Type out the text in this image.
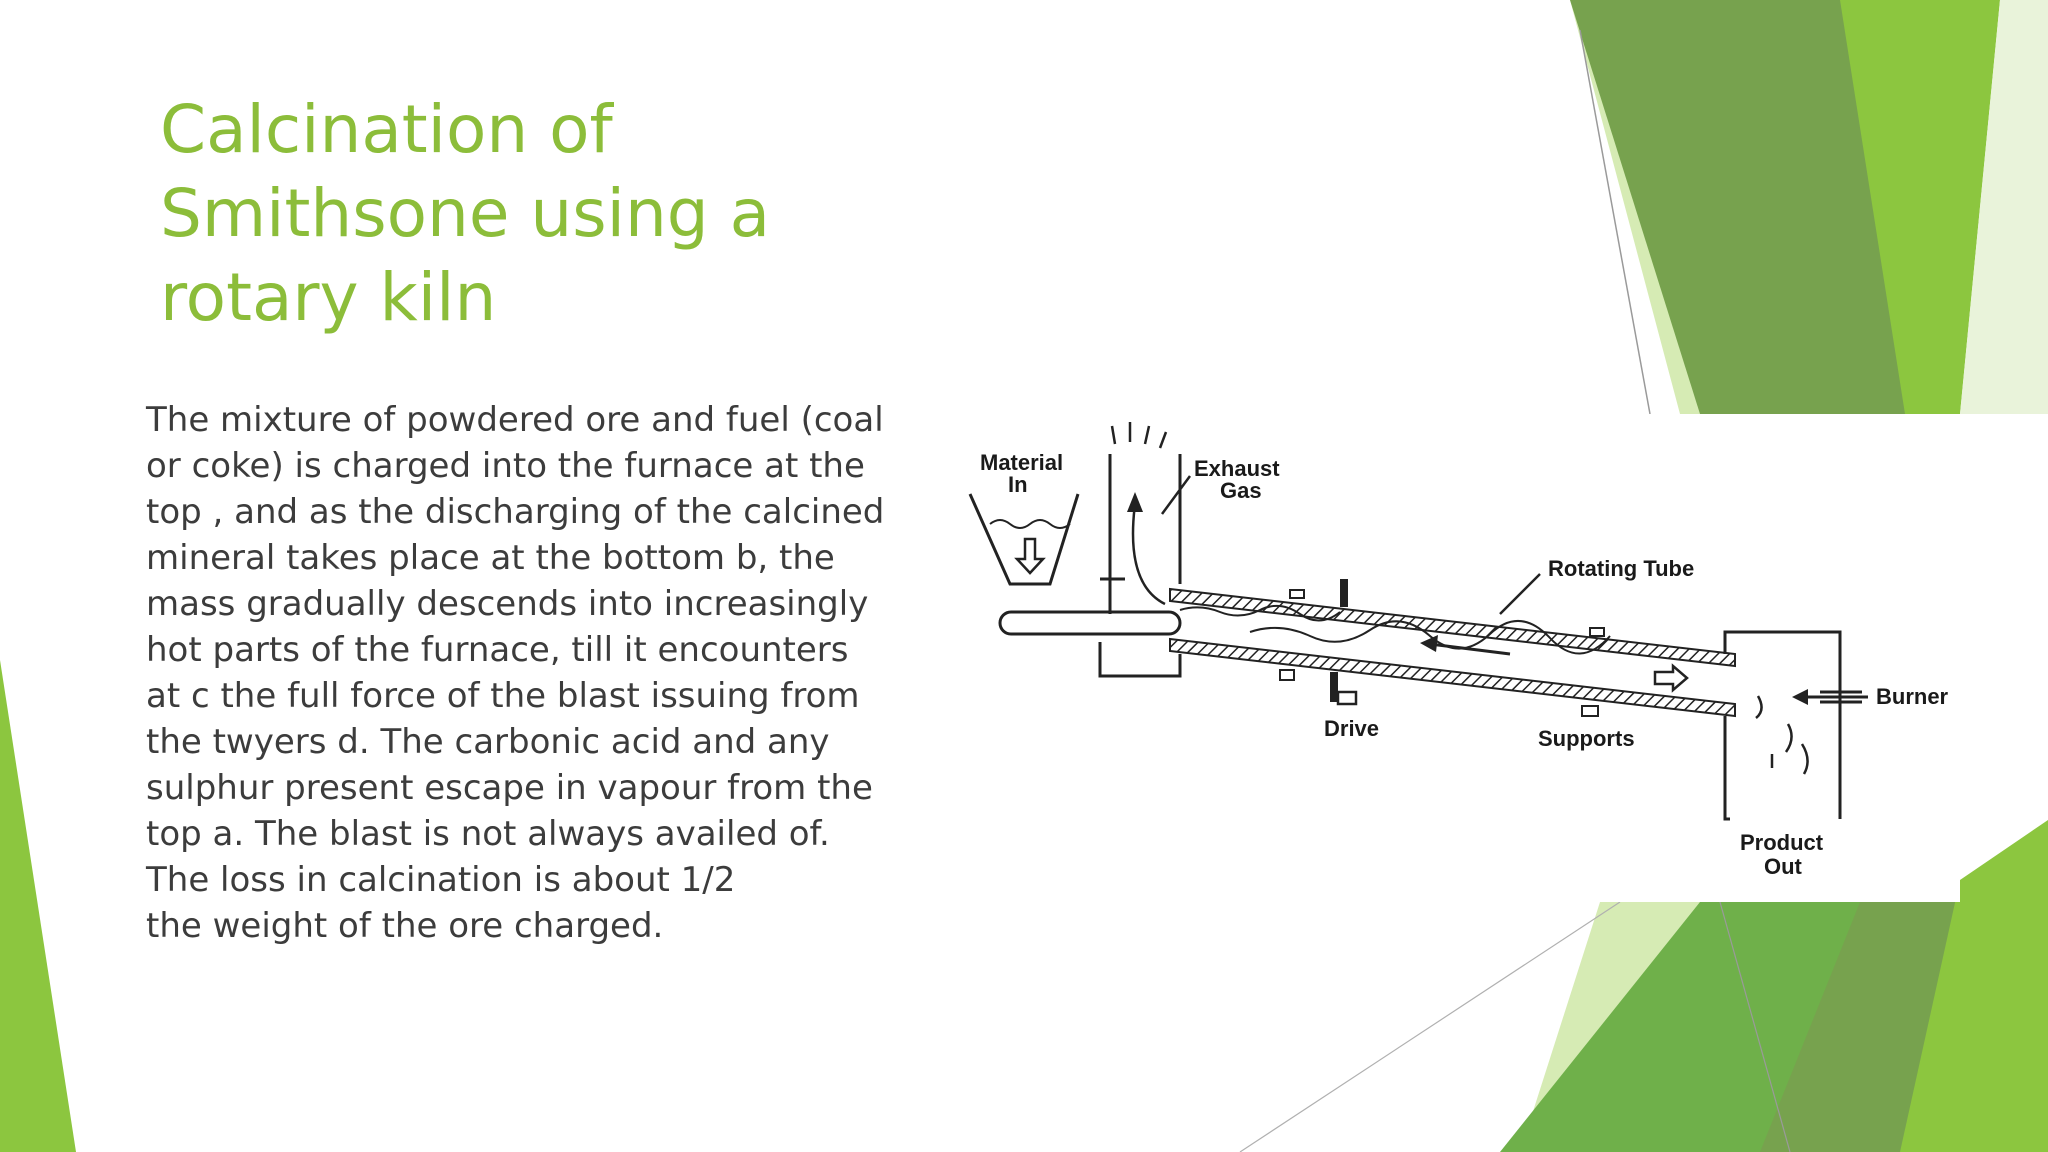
Calcination of
Smithsone using a
rotary kiln
The mixture of powdered ore and fuel (coal
or coke) is charged into the furnace at the
top , and as the discharging of the calcined
mineral takes place at the bottom b, the
mass gradually descends into increasingly
hot parts of the furnace, till it encounters
at c the full force of the blast issuing from
the twyers d. The carbonic acid and any
sulphur present escape in vapour from the
top a. The blast is not always availed of.
The loss in calcination is about 1/2
the weight of the ore charged.
Material
In
Exhaust
Gas
Rotating Tube
Burner
Drive	Supports
Product
Out
